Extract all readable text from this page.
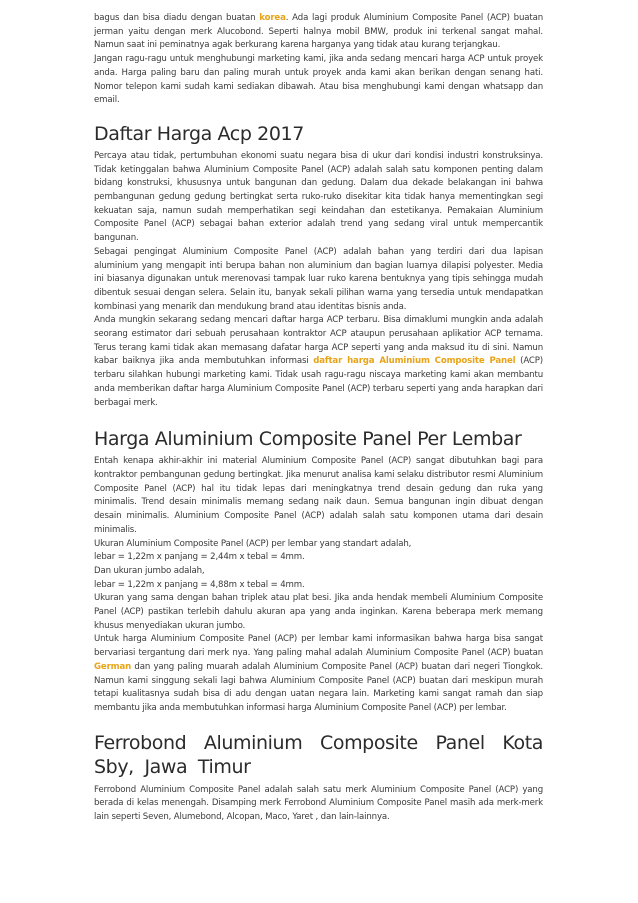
bagus dan bisa diadu dengan buatan korea. Ada lagi produk Aluminium Composite Panel (ACP) buatan jerman yaitu dengan merk Alucobond. Seperti halnya mobil BMW, produk ini terkenal sangat mahal. Namun saat ini peminatnya agak berkurang karena harganya yang tidak atau kurang terjangkau.

Jangan ragu-ragu untuk menghubungi marketing kami, jika anda sedang mencari harga ACP untuk proyek anda. Harga paling baru dan paling murah untuk proyek anda kami akan berikan dengan senang hati. Nomor telepon kami sudah kami sediakan dibawah. Atau bisa menghubungi kami dengan whatsapp dan email.

Daftar Harga Acp 2017

Percaya atau tidak, pertumbuhan ekonomi suatu negara bisa di ukur dari kondisi industri konstruksinya. Tidak ketinggalan bahwa Aluminium Composite Panel (ACP) adalah salah satu komponen penting dalam bidang konstruksi, khususnya untuk bangunan dan gedung. Dalam dua dekade belakangan ini bahwa pembangunan gedung gedung bertingkat serta ruko-ruko disekitar kita tidak hanya mementingkan segi kekuatan saja, namun sudah memperhatikan segi keindahan dan estetikanya. Pemakaian Aluminium Composite Panel (ACP) sebagai bahan exterior adalah trend yang sedang viral untuk mempercantik bangunan.

Sebagai pengingat Aluminium Composite Panel (ACP) adalah bahan yang terdiri dari dua lapisan aluminium yang mengapit inti berupa bahan non aluminium dan bagian luarnya dilapisi polyester. Media ini biasanya digunakan untuk merenovasi tampak luar ruko karena bentuknya yang tipis sehingga mudah dibentuk sesuai dengan selera. Selain itu, banyak sekali pilihan warna yang tersedia untuk mendapatkan kombinasi yang menarik dan mendukung brand atau identitas bisnis anda.

Anda mungkin sekarang sedang mencari daftar harga ACP terbaru. Bisa dimaklumi mungkin anda adalah seorang estimator dari sebuah perusahaan kontraktor ACP ataupun perusahaan aplikatior ACP ternama. Terus terang kami tidak akan memasang dafatar harga ACP seperti yang anda maksud itu di sini. Namun kabar baiknya jika anda membutuhkan informasi daftar harga Aluminium Composite Panel (ACP) terbaru silahkan hubungi marketing kami. Tidak usah ragu-ragu niscaya marketing kami akan membantu anda memberikan daftar harga Aluminium Composite Panel (ACP) terbaru seperti yang anda harapkan dari berbagai merk.

Harga Aluminium Composite Panel Per Lembar

Entah kenapa akhir-akhir ini material Aluminium Composite Panel (ACP) sangat dibutuhkan bagi para kontraktor pembangunan gedung bertingkat. Jika menurut analisa kami selaku distributor resmi Aluminium Composite Panel (ACP) hal itu tidak lepas dari meningkatnya trend desain gedung dan ruka yang minimalis. Trend desain minimalis memang sedang naik daun. Semua bangunan ingin dibuat dengan desain minimalis. Aluminium Composite Panel (ACP) adalah salah satu komponen utama dari desain minimalis.

Ukuran Aluminium Composite Panel (ACP) per lembar yang standart adalah,

lebar = 1,22m x panjang = 2,44m x tebal = 4mm.

Dan ukuran jumbo adalah,

lebar = 1,22m x panjang = 4,88m x tebal = 4mm.

Ukuran yang sama dengan bahan triplek atau plat besi. Jika anda hendak membeli Aluminium Composite Panel (ACP) pastikan terlebih dahulu akuran apa yang anda inginkan. Karena beberapa merk memang khusus menyediakan ukuran jumbo.

Untuk harga Aluminium Composite Panel (ACP) per lembar kami informasikan bahwa harga bisa sangat bervariasi tergantung dari merk nya. Yang paling mahal adalah Aluminium Composite Panel (ACP) buatan German dan yang paling muarah adalah Aluminium Composite Panel (ACP) buatan dari negeri Tiongkok. Namun kami singgung sekali lagi bahwa Aluminium Composite Panel (ACP) buatan dari meskipun murah tetapi kualitasnya sudah bisa di adu dengan uatan negara lain. Marketing kami sangat ramah dan siap membantu jika anda membutuhkan informasi harga Aluminium Composite Panel (ACP) per lembar.

Ferrobond Aluminium Composite Panel Kota Sby, Jawa Timur

Ferrobond Aluminium Composite Panel adalah salah satu merk Aluminium Composite Panel (ACP) yang berada di kelas menengah. Disamping merk Ferrobond Aluminium Composite Panel masih ada merk-merk lain seperti Seven, Alumebond, Alcopan, Maco, Yaret , dan lain-lainnya.
